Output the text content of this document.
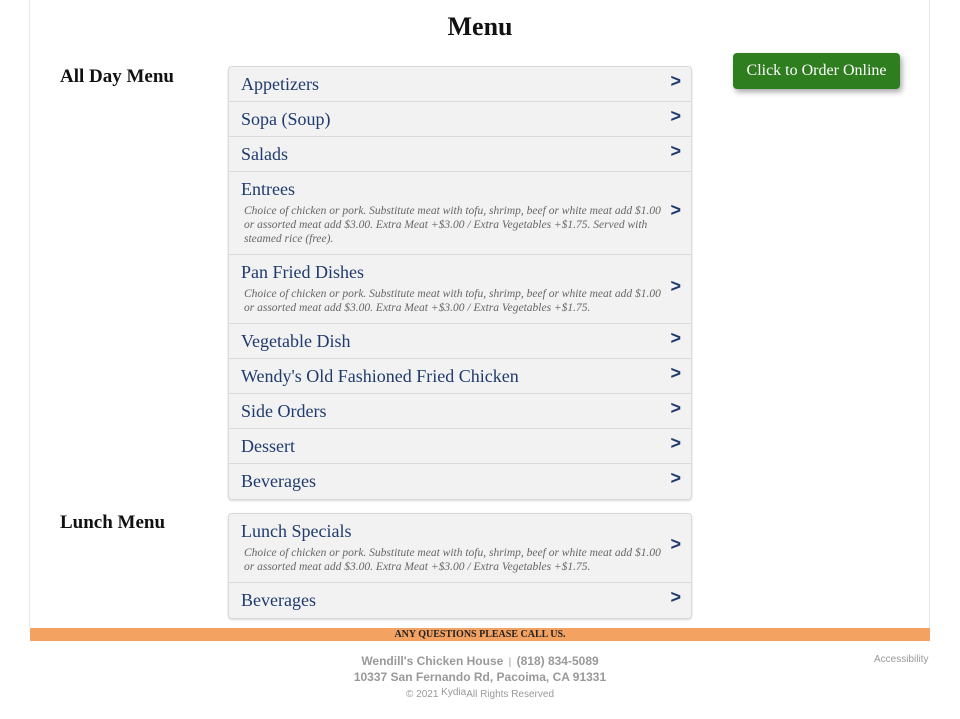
Menu
Click to Order Online
All Day Menu	Appetizers	>
Sopa (Soup)	>
Salads	>
Entrees
Choice of chicken or pork. Substitute meat with tofu, shrimp, beef or white meat add $1.00 or assorted meat add $3.00. Extra Meat +$3.00 / Extra Vegetables +$1.75. Served with steamed rice (free).
>
Pan Fried Dishes
Choice of chicken or pork. Substitute meat with tofu, shrimp, beef or white meat add $1.00 or assorted meat add $3.00. Extra Meat +$3.00 / Extra Vegetables +$1.75.
>
Vegetable Dish	>
Wendy's Old Fashioned Fried Chicken	>
Side Orders	>
Dessert	>
Beverages	>
Lunch Menu	Lunch Specials
Choice of chicken or pork. Substitute meat with tofu, shrimp, beef or white meat add $1.00 or assorted meat add $3.00. Extra Meat +$3.00 / Extra Vegetables +$1.75.
>
Beverages	>
ANY QUESTIONS PLEASE CALL US.
Wendill's Chicken House | (818) 834-5089
10337 San Fernando Rd, Pacoima, CA 91331
© 2021 KydiaAll Rights Reserved
Accessibility
